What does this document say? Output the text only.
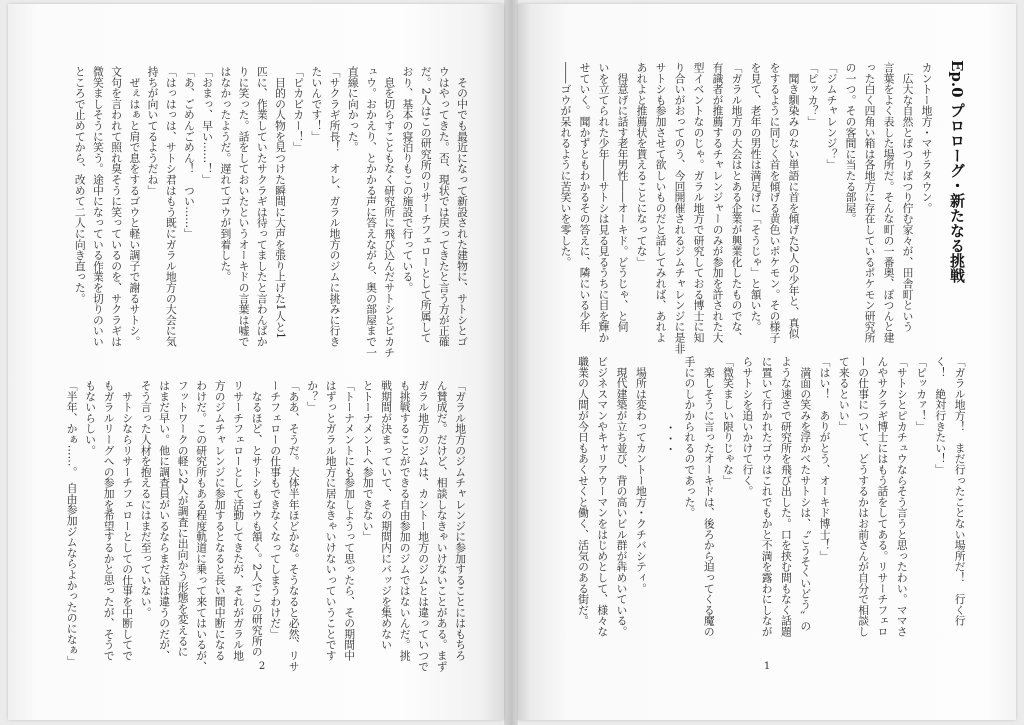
　その中でも最近になって新設された建物に、サトシとゴ
ウはやってきた。否、現状では戻ってきたと言う方が正確
だ。2人はこの研究所のリサーチフェローとして所属して
おり、基本の寝泊りもこの施設で行っている。
　息を切らすこともなく研究所に飛び込んだサトシとピカチ
ュウ。おかえり、とかかる声に答えながら、奥の部屋まで一
直線に向かった。
「サクラギ所長！　オレ、ガラル地方のジムに挑みに行き
たいんです！」
「ピカピカー！」
　目的の人物を見つけた瞬間に大声を張り上げた1人と1
匹に、作業していたサクラギは待ってましたと言わんばか
りに笑った。話をしておいたというオーキドの言葉は嘘で
はなかったようだ。遅れてゴウが到着した。
「おまっ、早い……！」
「あ、ごめんごめん！　つい……」
「はっはっは、サトシ君はもう既にガラル地方の大会に気
持ちが向いてるようだね」
　ぜぇはぁと肩で息をするゴウと軽い調子で謝るサトシ。
文句を言われて照れ臭そうに笑っているのを、サクラギは
微笑ましそうに笑う。途中になっている作業を切りのいい
ところで止めてから、改めて二人に向き直った。
「ガラル地方のジムチャレンジに参加することにはもちろ
ん賛成だ。だけど、相談しなきゃいけないことがある。まず
ガラル地方のジムは、カントー地方のジムとは違っていつで
も挑戦することができる自由参加のジムではないんだ。挑
戦期間が決まっていて、その期間内にバッジを集めない
とトーナメントへ参加できない」
「トーナメントにも参加しようって思ったら、その期間中
はずっとガラル地方に居なきゃいけないっていうことです
か？」
「ああ、そうだ。大体半年ほどかな。そうなると必然、リサ
ーチフェローの仕事もできなくなってしまうわけだ」
　なるほど、とサトシもゴウも頷く。2人でこの研究所の
リサーチフェローとして活動してきたが、それがガラル地
方のジムチャレンジに参加するとなると長い間中断になる
わけだ。この研究所もある程度軌道に乗って来てはいるが、
フットワークの軽い2人が調査に出向かう形態を変えるに
はまだ早い。他に調査員がいるならまだ話は違うのだが、
そう言った人材を抱えるにはまだ至っていない。
　サトシならリサーチフェローとしての仕事を中断してで
もガラルリーグへの参加を希望するかと思ったが、そうで
もないらしい。
「半年、かぁ……。　自由参加ジムならよかったのになぁ」
2
Ep.0 プロローグ・新たなる挑戦
カントー地方・マサラタウン。
　広大な自然とぽつりぽつり佇む家々が、田舎町という
言葉をよく表した場所だ。そんな町の一番奥、ぽつんと建
った白く四角い箱は各地方に存在しているポケモン研究所
の一つ。その客間に当たる部屋。
「ジムチャレンジ？」
「ピッカ？」
　聞き馴染みのない単語に首を傾げた2人の少年と、真似
をするように同じく首を傾げる黄色いポケモン。その様子
を見て、老年の男性は満足げに「そうじゃ」と頷いた。
「ガラル地方の大会はとある企業が興業化したものでな、
有識者が推薦するチャレンジャーのみが参加を許された大
型イベントなのじゃ。ガラル地方で研究しておる博士に知
り合いがおってのう、今回開催されるジムチャレンジに是非
サトシも参加させて欲しいものだと話してみれば、あれよ
あれよと推薦状を貰えることになってな」
　得意げに話す老年男性――オーキド。どうじゃ、と伺
いを立てられた少年――サトシは見る見るうちに目を輝か
せていく。聞かずともわかるその答えに、隣にいる少年
――ゴウが呆れるように苦笑いを零した。
「ガラル地方！　まだ行ったことない場所だ！　行く行
く！　絶対行きたい！」
「ピッカァ！」
「サトシとピカチュウならそう言うと思ったわい。ママさ
んやサクラギ博士にはもう話をしてある。リサーチフェロ
ーの仕事について、どうするかはお前さんが自分で相談し
て来るといい」
「はい！　ありがとう、オーキド博士！」
　満面の笑みを浮かべたサトシは、〝こうそくいどう〟の
ような速さで研究所を飛び出した。口を挟む間もなく話題
に置いて行かれたゴウはこれでもかと不満を露わにしなが
らサトシを追いかけて行く。
「微笑ましい限りじゃな」
　楽しそうに言ったオーキドは、後ろから迫ってくる魔の
手にのしかかられるのであった。
・・・
　場所は変わってカントー地方・クチバシティ。
　現代建築が立ち並び、背の高いビル群が犇めいている。
ビジネスマンやキャリアウーマンをはじめとして、様々な
職業の人間が今日もあくせくと働く、活気のある街だ。
1
